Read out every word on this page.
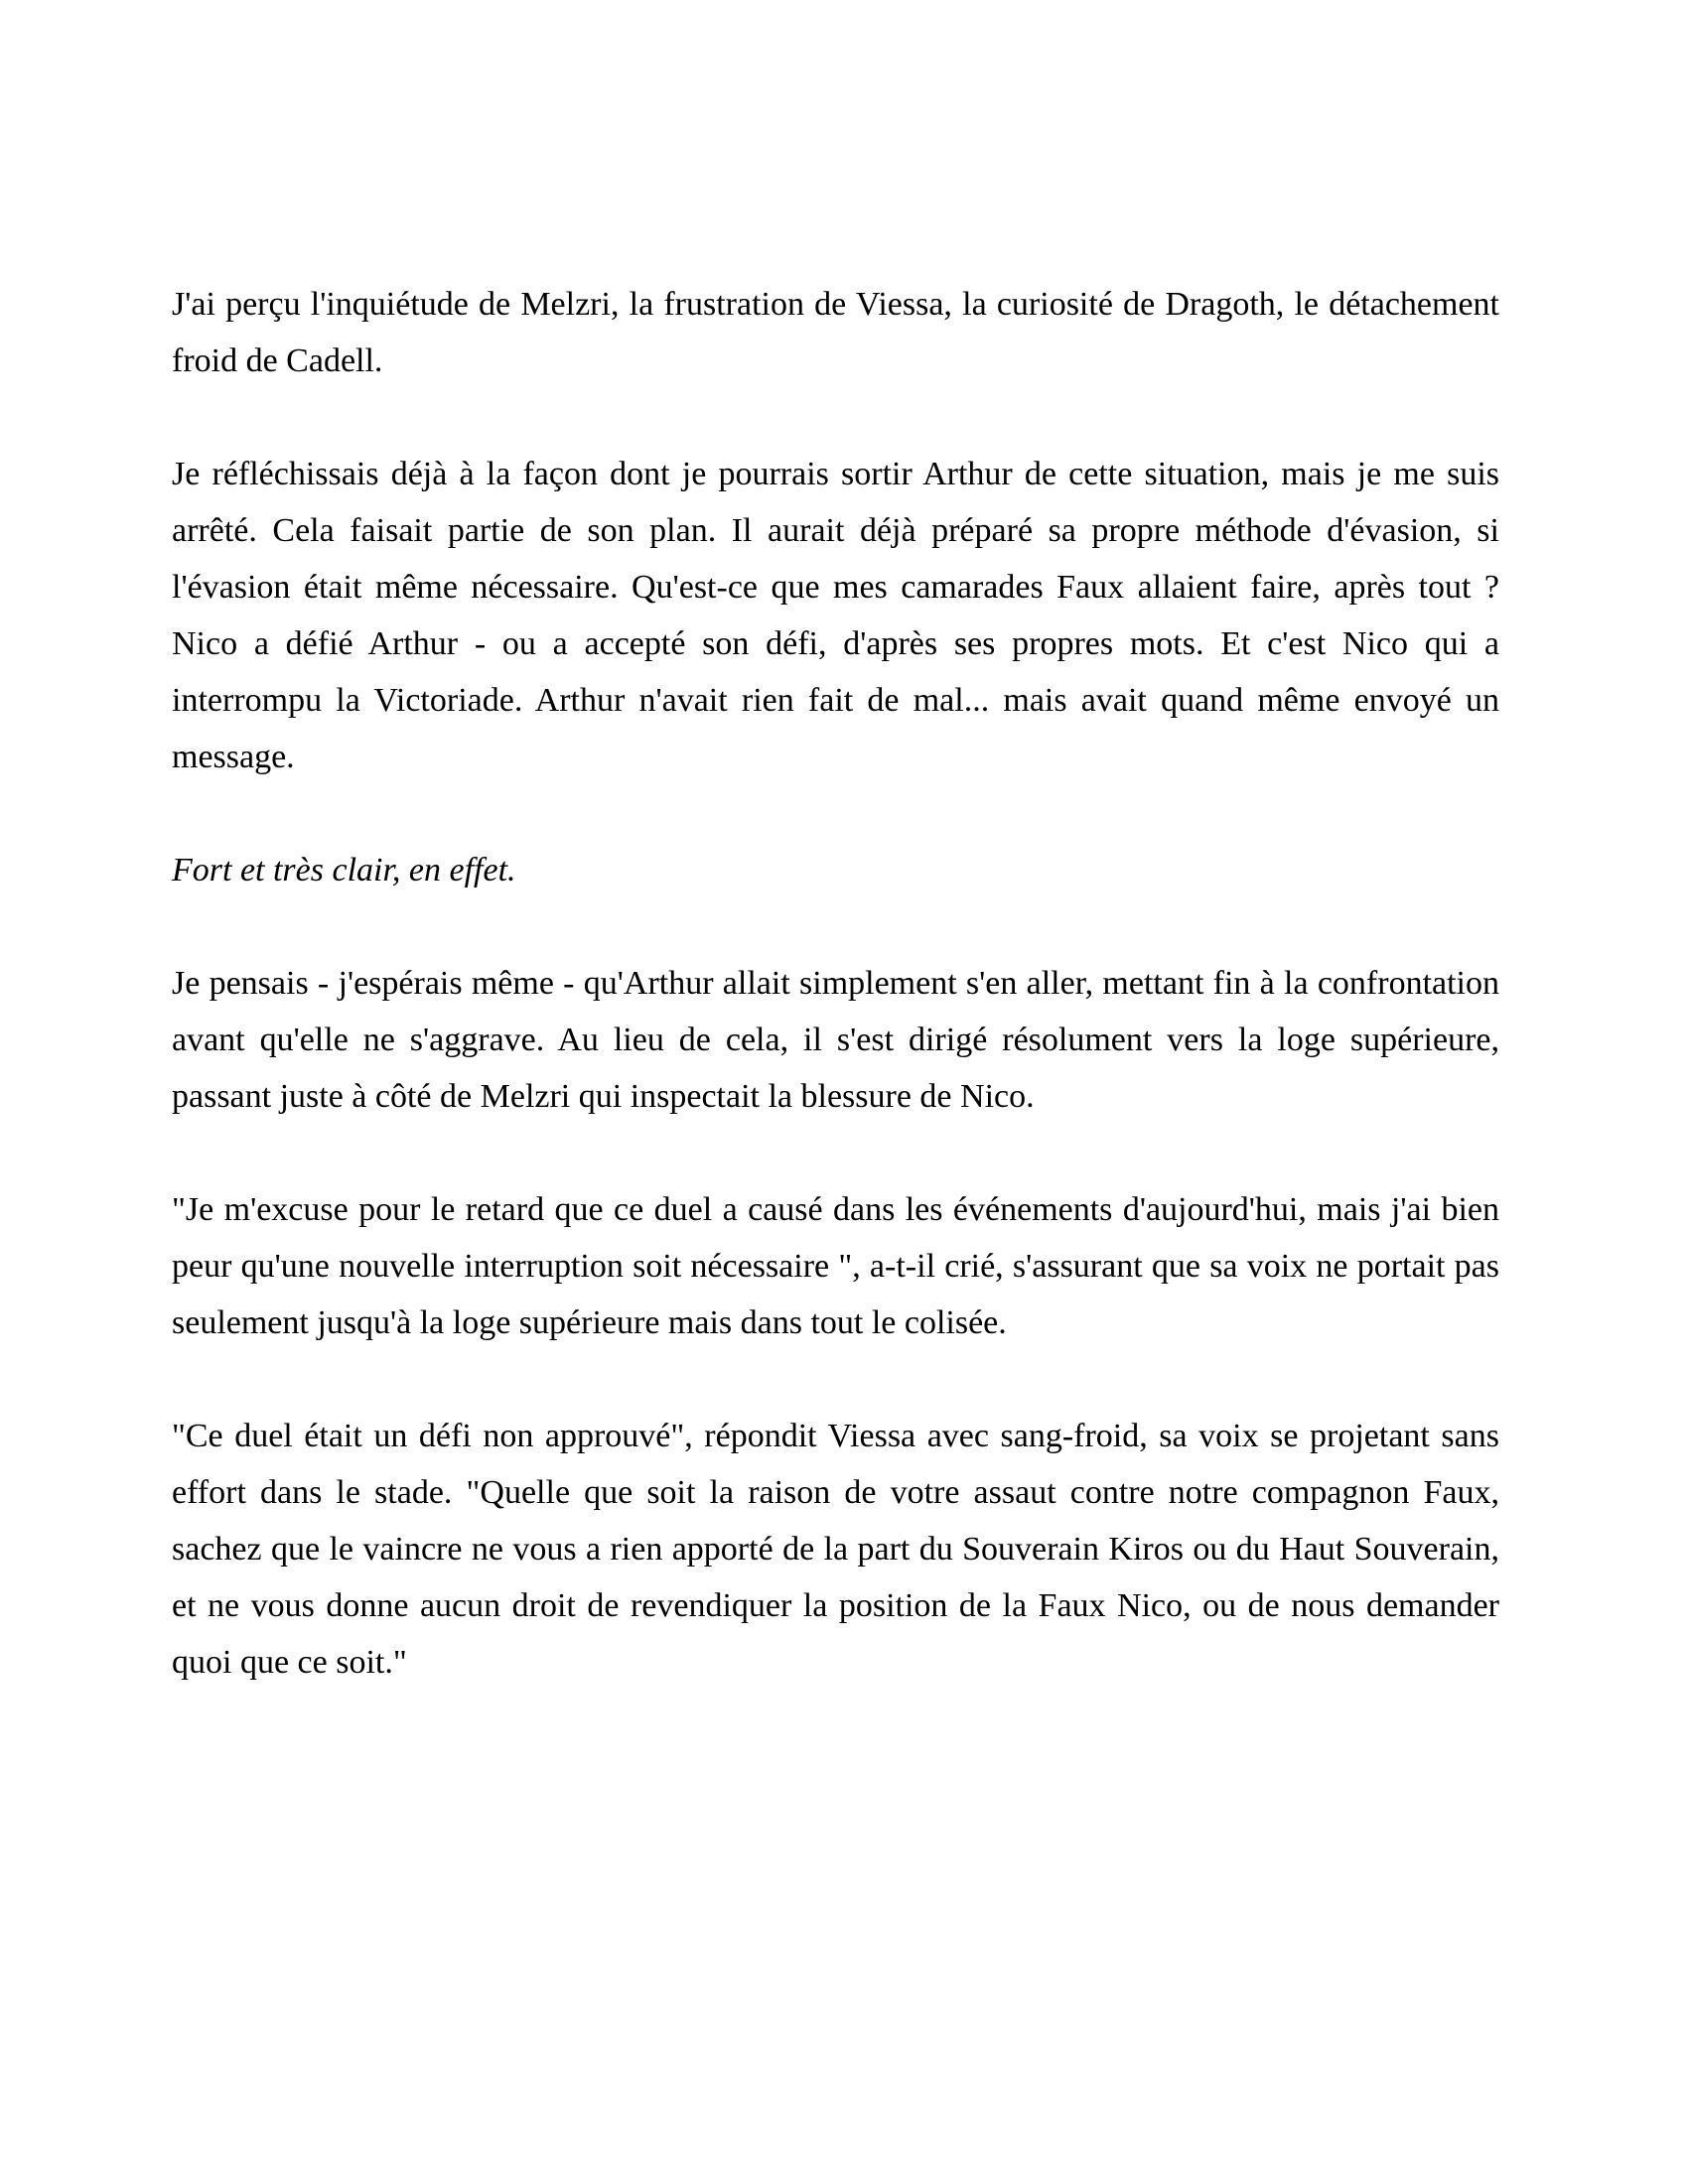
J'ai perçu l'inquiétude de Melzri, la frustration de Viessa, la curiosité de Dragoth, le détachement froid de Cadell.

Je réfléchissais déjà à la façon dont je pourrais sortir Arthur de cette situation, mais je me suis arrêté. Cela faisait partie de son plan. Il aurait déjà préparé sa propre méthode d'évasion, si l'évasion était même nécessaire. Qu'est-ce que mes camarades Faux allaient faire, après tout ? Nico a défié Arthur - ou a accepté son défi, d'après ses propres mots. Et c'est Nico qui a interrompu la Victoriade. Arthur n'avait rien fait de mal... mais avait quand même envoyé un message.

Fort et très clair, en effet.

Je pensais - j'espérais même - qu'Arthur allait simplement s'en aller, mettant fin à la confrontation avant qu'elle ne s'aggrave. Au lieu de cela, il s'est dirigé résolument vers la loge supérieure, passant juste à côté de Melzri qui inspectait la blessure de Nico.

"Je m'excuse pour le retard que ce duel a causé dans les événements d'aujourd'hui, mais j'ai bien peur qu'une nouvelle interruption soit nécessaire ", a-t-il crié, s'assurant que sa voix ne portait pas seulement jusqu'à la loge supérieure mais dans tout le colisée.

"Ce duel était un défi non approuvé", répondit Viessa avec sang-froid, sa voix se projetant sans effort dans le stade. "Quelle que soit la raison de votre assaut contre notre compagnon Faux, sachez que le vaincre ne vous a rien apporté de la part du Souverain Kiros ou du Haut Souverain, et ne vous donne aucun droit de revendiquer la position de la Faux Nico, ou de nous demander quoi que ce soit."
